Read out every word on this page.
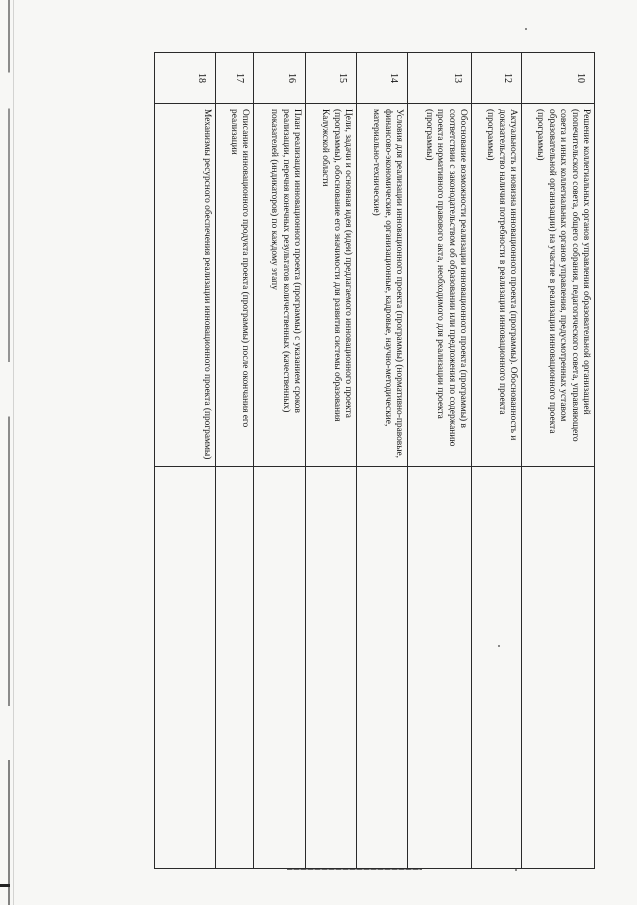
10	Решение коллегиальных органов управления образовательной организацией (попечительского совета, общего собрания, педагогического совета, управляющего совета и иных коллегиальных органов управления, предусмотренных уставом образовательной организации) на участие в реализации инновационного проекта (программы)	
12	Актуальность и новизна инновационного проекта (программы). Обоснованность и доказательство наличия потребности в реализации инновационного проекта (программы)	
13	Обоснование возможности реализации инновационного проекта (программы) в соответствии с законодательством об образовании или предложения по содержанию проекта нормативного правового акта, необходимого для реализации проекта (программы)	
14	Условия для реализации инновационного проекта (программы) (нормативно-правовые, финансово-экономические, организационные, кадровые, научно-методические, материально-технические)	
15	Цели, задачи и основная идея (идеи) предлагаемого инновационного проекта (программы), обоснование его значимости для развития системы образования Калужской области	
16	План реализации инновационного проекта (программы) с указанием сроков реализации, перечня конечных результатов количественных (качественных) показателей (индикаторов) по каждому этапу	
17	Описание инновационного продукта проекта (программы) после окончания его реализации	
18	Механизмы ресурсного обеспечения реализации инновационного проекта (программы)	
